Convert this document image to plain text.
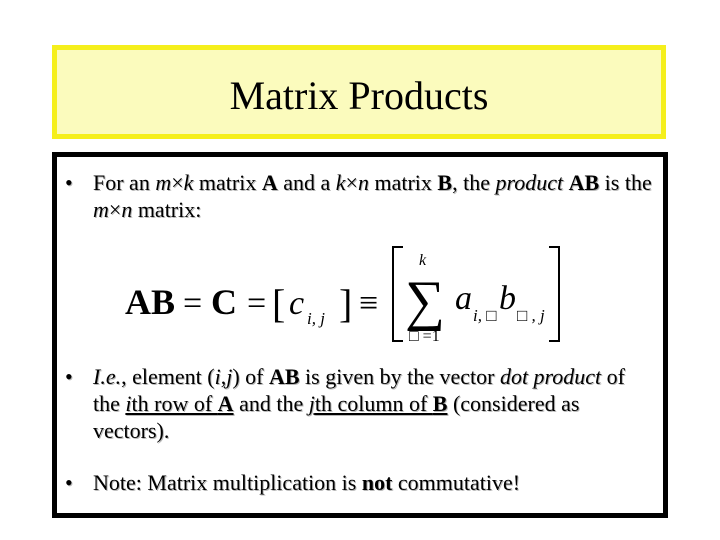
Matrix Products
• For an m×k matrix A and a k×n matrix B, the product AB is the m×n matrix:
AB = C = [ c i, j ] ≡
k
∑
□ =1
a i, □ b □ , j
• I.e., element (i,j) of AB is given by the vector dot product of the ith row of A and the jth column of B (considered as vectors).
• Note: Matrix multiplication is not commutative!
